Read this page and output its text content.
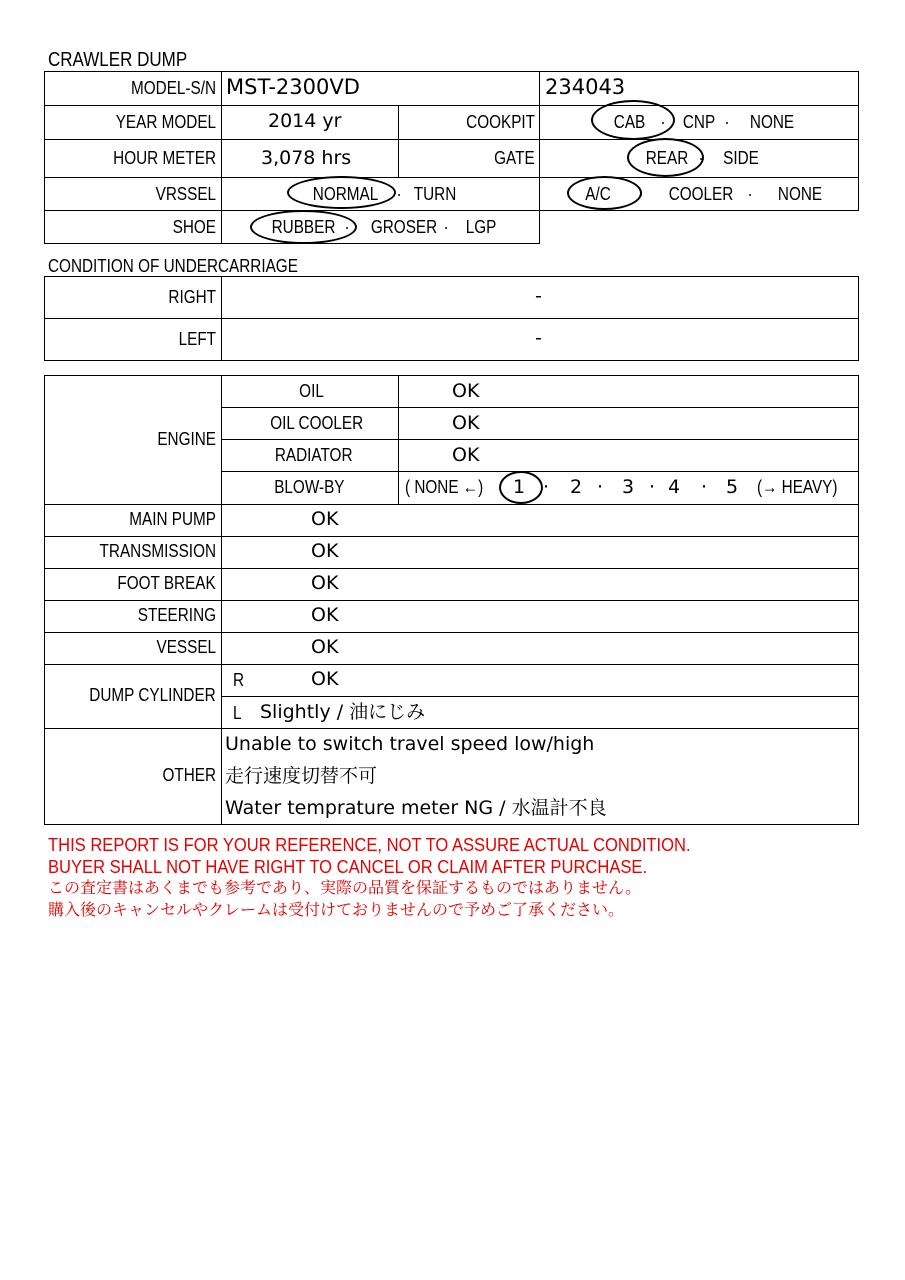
CRAWLER DUMP

MODEL-S/N MST-2300VD	234043
YEAR MODEL	2014 yr	COOKPIT	CAB · CNP · NONE
HOUR METER 3,078 hrs	GATE	REAR · SIDE
VRSSEL	NORMAL · TURN	A/C · COOLER · NONE
SHOE	RUBBER · GROSER · LGP
CONDITION OF UNDERCARRIAGE

RIGHT	-
LEFT	-

ENGINE
OIL	OK
OIL COOLER	OK
RADIATOR	OK
BLOW-BY	( NONE ←) 1 · 2 · 3 · 4 · 5 (→ HEAVY)
MAIN PUMP	OK
TRANSMISSION	OK
FOOT BREAK	OK
STEERING	OK
VESSEL	OK
DUMP CYLINDER
R	OK
L Slightly / 油にじみ
OTHER
Unable to switch travel speed low/high
走行速度切替不可
Water temprature meter NG / 水温計不良
THIS REPORT IS FOR YOUR REFERENCE, NOT TO ASSURE ACTUAL CONDITION.
BUYER SHALL NOT HAVE RIGHT TO CANCEL OR CLAIM AFTER PURCHASE.
この査定書はあくまでも参考であり、実際の品質を保証するものではありません。
購入後のキャンセルやクレームは受付けておりませんので予めご了承ください。
